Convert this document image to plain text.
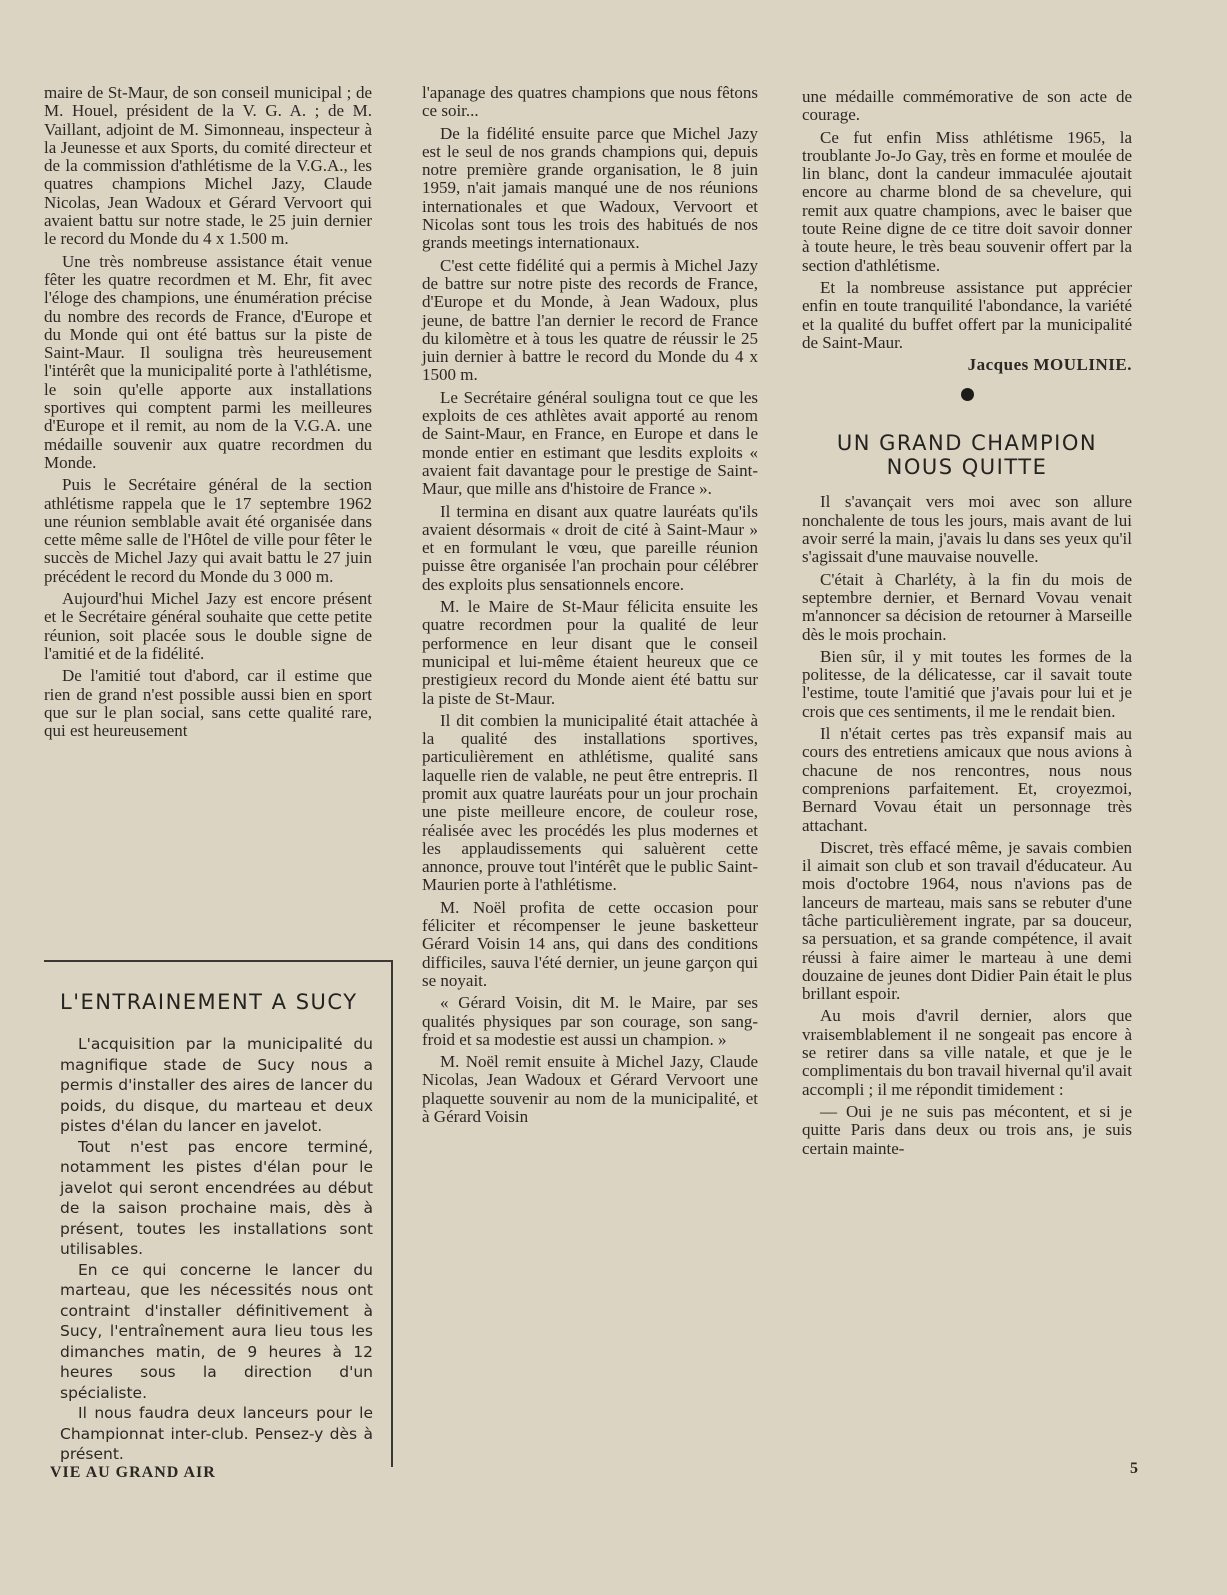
maire de St-Maur, de son conseil municipal ; de M. Houel, président de la V. G. A. ; de M. Vaillant, adjoint de M. Simonneau, inspecteur à la Jeunesse et aux Sports, du comité directeur et de la commission d'athlétisme de la V.G.A., les quatres champions Michel Jazy, Claude Nicolas, Jean Wadoux et Gérard Vervoort qui avaient battu sur notre stade, le 25 juin dernier le record du Monde du 4 x 1.500 m.

Une très nombreuse assistance était venue fêter les quatre recordmen et M. Ehr, fit avec l'éloge des champions, une énumération précise du nombre des records de France, d'Europe et du Monde qui ont été battus sur la piste de Saint-Maur. Il souligna très heureusement l'intérêt que la municipalité porte à l'athlétisme, le soin qu'elle apporte aux installations sportives qui comptent parmi les meilleures d'Europe et il remit, au nom de la V.G.A. une médaille souvenir aux quatre recordmen du Monde.

Puis le Secrétaire général de la section athlétisme rappela que le 17 septembre 1962 une réunion semblable avait été organisée dans cette même salle de l'Hôtel de ville pour fêter le succès de Michel Jazy qui avait battu le 27 juin précédent le record du Monde du 3 000 m.

Aujourd'hui Michel Jazy est encore présent et le Secrétaire général souhaite que cette petite réunion, soit placée sous le double signe de l'amitié et de la fidélité.

De l'amitié tout d'abord, car il estime que rien de grand n'est possible aussi bien en sport que sur le plan social, sans cette qualité rare, qui est heureusement

L'ENTRAINEMENT A SUCY

L'acquisition par la municipalité du magnifique stade de Sucy nous a permis d'installer des aires de lancer du poids, du disque, du marteau et deux pistes d'élan du lancer en javelot.

Tout n'est pas encore terminé, notamment les pistes d'élan pour le javelot qui seront encendrées au début de la saison prochaine mais, dès à présent, toutes les installations sont utilisables.

En ce qui concerne le lancer du marteau, que les nécessités nous ont contraint d'installer définitivement à Sucy, l'entraînement aura lieu tous les dimanches matin, de 9 heures à 12 heures sous la direction d'un spécialiste.

Il nous faudra deux lanceurs pour le Championnat inter-club. Pensez-y dès à présent.

l'apanage des quatres champions que nous fêtons ce soir...

De la fidélité ensuite parce que Michel Jazy est le seul de nos grands champions qui, depuis notre première grande organisation, le 8 juin 1959, n'ait jamais manqué une de nos réunions internationales et que Wadoux, Vervoort et Nicolas sont tous les trois des habitués de nos grands meetings internationaux.

C'est cette fidélité qui a permis à Michel Jazy de battre sur notre piste des records de France, d'Europe et du Monde, à Jean Wadoux, plus jeune, de battre l'an dernier le record de France du kilomètre et à tous les quatre de réussir le 25 juin dernier à battre le record du Monde du 4 x 1500 m.

Le Secrétaire général souligna tout ce que les exploits de ces athlètes avait apporté au renom de Saint-Maur, en France, en Europe et dans le monde entier en estimant que lesdits exploits « avaient fait davantage pour le prestige de Saint-Maur, que mille ans d'histoire de France ».

Il termina en disant aux quatre lauréats qu'ils avaient désormais « droit de cité à Saint-Maur » et en formulant le vœu, que pareille réunion puisse être organisée l'an prochain pour célébrer des exploits plus sensationnels encore.

M. le Maire de St-Maur félicita ensuite les quatre recordmen pour la qualité de leur performence en leur disant que le conseil municipal et lui-même étaient heureux que ce prestigieux record du Monde aient été battu sur la piste de St-Maur.

Il dit combien la municipalité était attachée à la qualité des installations sportives, particulièrement en athlétisme, qualité sans laquelle rien de valable, ne peut être entrepris. Il promit aux quatre lauréats pour un jour prochain une piste meilleure encore, de couleur rose, réalisée avec les procédés les plus modernes et les applaudissements qui saluèrent cette annonce, prouve tout l'intérêt que le public Saint-Maurien porte à l'athlétisme.

M. Noël profita de cette occasion pour féliciter et récompenser le jeune basketteur Gérard Voisin 14 ans, qui dans des conditions difficiles, sauva l'été dernier, un jeune garçon qui se noyait.

« Gérard Voisin, dit M. le Maire, par ses qualités physiques par son courage, son sang-froid et sa modestie est aussi un champion. »

M. Noël remit ensuite à Michel Jazy, Claude Nicolas, Jean Wadoux et Gérard Vervoort une plaquette souvenir au nom de la municipalité, et à Gérard Voisin

une médaille commémorative de son acte de courage.

Ce fut enfin Miss athlétisme 1965, la troublante Jo-Jo Gay, très en forme et moulée de lin blanc, dont la candeur immaculée ajoutait encore au charme blond de sa chevelure, qui remit aux quatre champions, avec le baiser que toute Reine digne de ce titre doit savoir donner à toute heure, le très beau souvenir offert par la section d'athlétisme.

Et la nombreuse assistance put apprécier enfin en toute tranquilité l'abondance, la variété et la qualité du buffet offert par la municipalité de Saint-Maur.

Jacques MOULINIE.

UN GRAND CHAMPION
NOUS QUITTE

Il s'avançait vers moi avec son allure nonchalente de tous les jours, mais avant de lui avoir serré la main, j'avais lu dans ses yeux qu'il s'agissait d'une mauvaise nouvelle.

C'était à Charléty, à la fin du mois de septembre dernier, et Bernard Vovau venait m'annoncer sa décision de retourner à Marseille dès le mois prochain.

Bien sûr, il y mit toutes les formes de la politesse, de la délicatesse, car il savait toute l'estime, toute l'amitié que j'avais pour lui et je crois que ces sentiments, il me le rendait bien.

Il n'était certes pas très expansif mais au cours des entretiens amicaux que nous avions à chacune de nos rencontres, nous nous comprenions parfaitement. Et, croyezmoi, Bernard Vovau était un personnage très attachant.

Discret, très effacé même, je savais combien il aimait son club et son travail d'éducateur. Au mois d'octobre 1964, nous n'avions pas de lanceurs de marteau, mais sans se rebuter d'une tâche particulièrement ingrate, par sa douceur, sa persuation, et sa grande compétence, il avait réussi à faire aimer le marteau à une demi douzaine de jeunes dont Didier Pain était le plus brillant espoir.

Au mois d'avril dernier, alors que vraisemblablement il ne songeait pas encore à se retirer dans sa ville natale, et que je le complimentais du bon travail hivernal qu'il avait accompli ; il me répondit timidement :

— Oui je ne suis pas mécontent, et si je quitte Paris dans deux ou trois ans, je suis certain mainte-

VIE AU GRAND AIR	5
